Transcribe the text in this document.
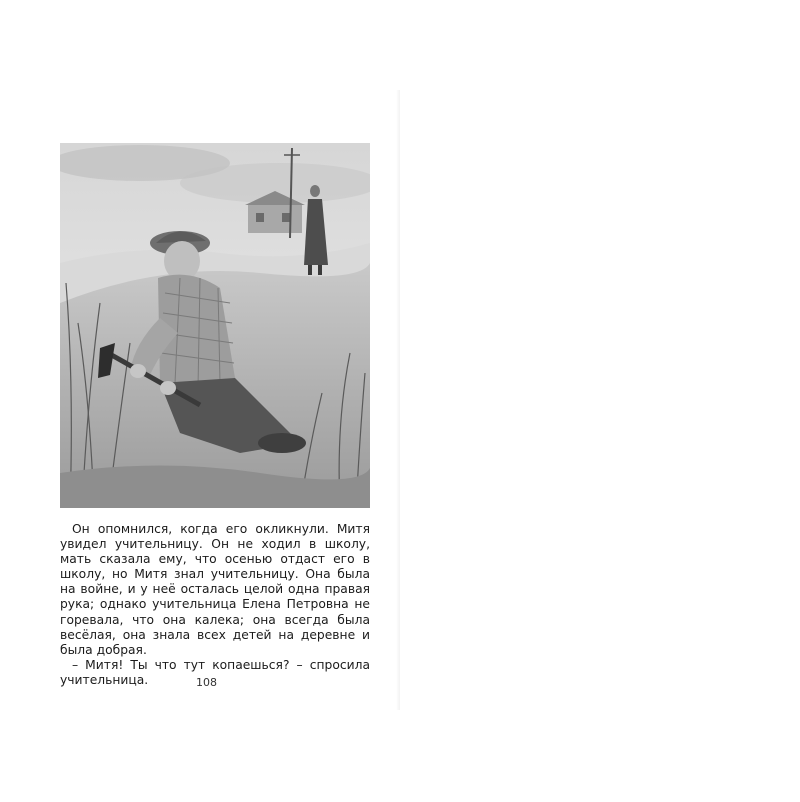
Он опомнился, когда его окликнули. Митя увидел учительницу. Он не ходил в школу, мать сказала ему, что осенью отдаст его в школу, но Митя знал учительницу. Она была на войне, и у неё осталась целой одна правая рука; однако учительница Елена Петровна не горевала, что она калека; она всегда была весёлая, она знала всех детей на деревне и была добрая.

– Митя! Ты что тут копаешься? – спросила учительница.	108
